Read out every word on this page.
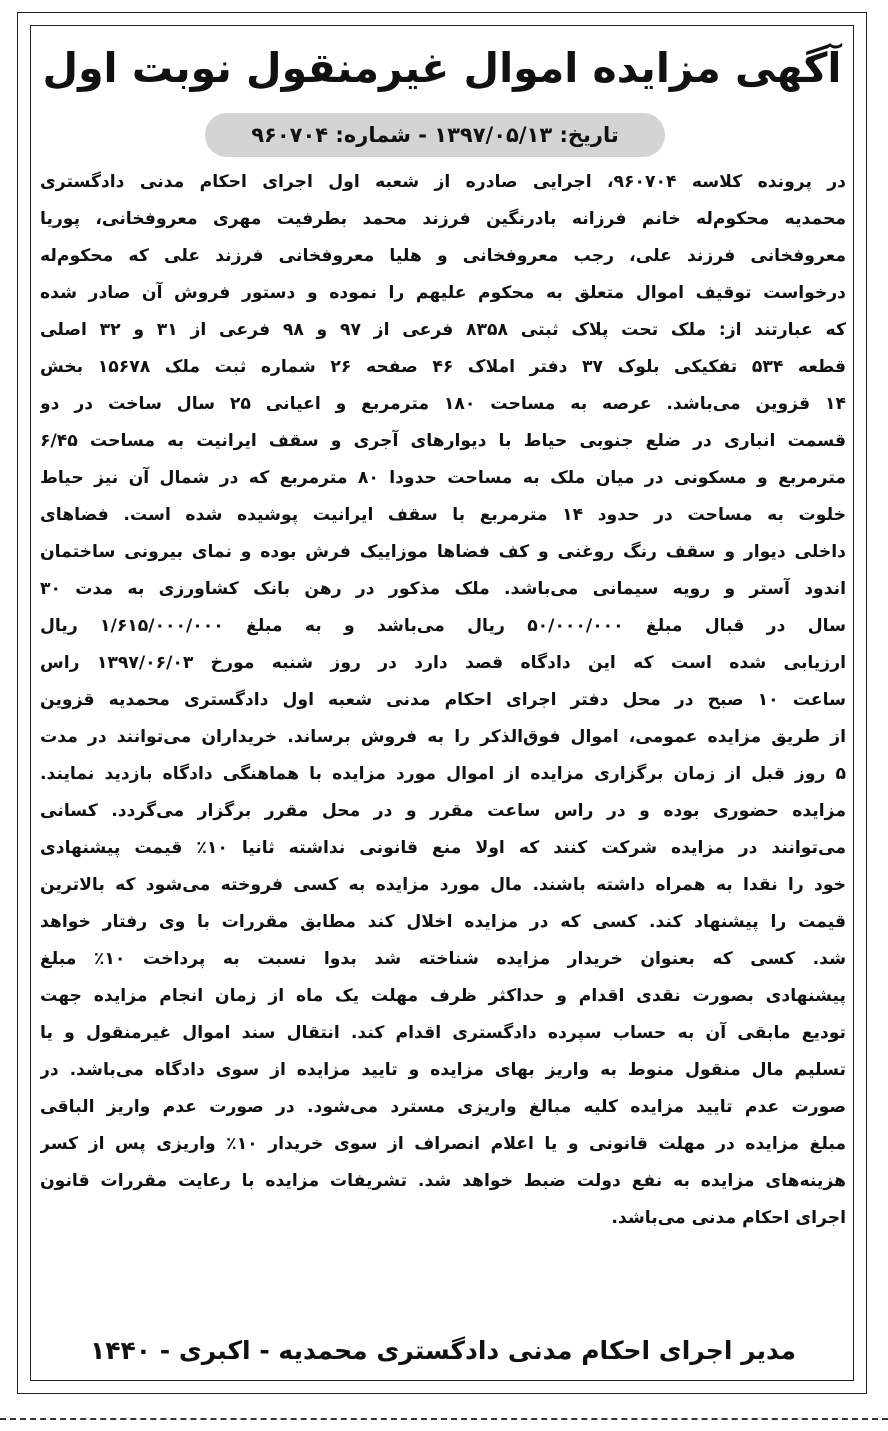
آگهی مزایده اموال غیرمنقول نوبت اول
تاریخ: ۱۳۹۷/۰۵/۱۳ - شماره: ۹۶۰۷۰۴
در پرونده کلاسه ۹۶۰۷۰۴، اجرایی صادره از شعبه اول اجرای احکام مدنی دادگستری
محمدیه محکوم‌له خانم فرزانه بادرنگین فرزند محمد بطرفیت مهری معروفخانی، پوریا
معروفخانی فرزند علی، رجب معروفخانی و هلیا معروفخانی فرزند علی که محکوم‌له
درخواست توقیف اموال متعلق به محکوم علیهم را نموده و دستور فروش آن صادر شده
که عبارتند از: ملک تحت پلاک ثبتی ۸۳۵۸ فرعی از ۹۷ و ۹۸ فرعی از ۳۱ و ۳۲ اصلی
قطعه ۵۳۴ تفکیکی بلوک ۳۷ دفتر املاک ۴۶ صفحه ۲۶ شماره ثبت ملک ۱۵۶۷۸ بخش
۱۴ قزوین می‌باشد. عرصه به مساحت ۱۸۰ مترمربع و اعیانی ۲۵ سال ساخت در دو
قسمت انباری در ضلع جنوبی حیاط با دیوارهای آجری و سقف ایرانیت به مساحت ۶/۴۵
مترمربع و مسکونی در میان ملک به مساحت حدودا ۸۰ مترمربع که در شمال آن نیز حیاط
خلوت به مساحت در حدود ۱۴ مترمربع با سقف ایرانیت پوشیده شده است. فضاهای
داخلی دیوار و سقف رنگ روغنی و کف فضاها موزاییک فرش بوده و نمای بیرونی ساختمان
اندود آستر و رویه سیمانی می‌باشد. ملک مذکور در رهن بانک کشاورزی به مدت ۳۰
سال در قبال مبلغ ۵۰/۰۰۰/۰۰۰ ریال می‌باشد و به مبلغ ۱/۶۱۵/۰۰۰/۰۰۰ ریال
ارزیابی شده است که این دادگاه قصد دارد در روز شنبه مورخ ۱۳۹۷/۰۶/۰۳ راس
ساعت ۱۰ صبح در محل دفتر اجرای احکام مدنی شعبه اول دادگستری محمدیه قزوین
از طریق مزایده عمومی، اموال فوق‌الذکر را به فروش برساند. خریداران می‌توانند در مدت
۵ روز قبل از زمان برگزاری مزایده از اموال مورد مزایده با هماهنگی دادگاه بازدید نمایند.
مزایده حضوری بوده و در راس ساعت مقرر و در محل مقرر برگزار می‌گردد. کسانی
می‌توانند در مزایده شرکت کنند که اولا منع قانونی نداشته ثانیا ۱۰٪ قیمت پیشنهادی
خود را نقدا به همراه داشته باشند. مال مورد مزایده به کسی فروخته می‌شود که بالاترین
قیمت را پیشنهاد کند. کسی که در مزایده اخلال کند مطابق مقررات با وی رفتار خواهد
شد. کسی که بعنوان خریدار مزایده شناخته شد بدوا نسبت به پرداخت ۱۰٪ مبلغ
پیشنهادی بصورت نقدی اقدام و حداکثر ظرف مهلت یک ماه از زمان انجام مزایده جهت
تودیع مابقی آن به حساب سپرده دادگستری اقدام کند. انتقال سند اموال غیرمنقول و یا
تسلیم مال منقول منوط به واریز بهای مزایده و تایید مزایده از سوی دادگاه می‌باشد. در
صورت عدم تایید مزایده کلیه مبالغ واریزی مسترد می‌شود. در صورت عدم واریز الباقی
مبلغ مزایده در مهلت قانونی و یا اعلام انصراف از سوی خریدار ۱۰٪ واریزی پس از کسر
هزینه‌های مزایده به نفع دولت ضبط خواهد شد. تشریفات مزایده با رعایت مقررات قانون
اجرای احکام مدنی می‌باشد.
مدیر اجرای احکام مدنی دادگستری محمدیه - اکبری - ۱۴۴۰
